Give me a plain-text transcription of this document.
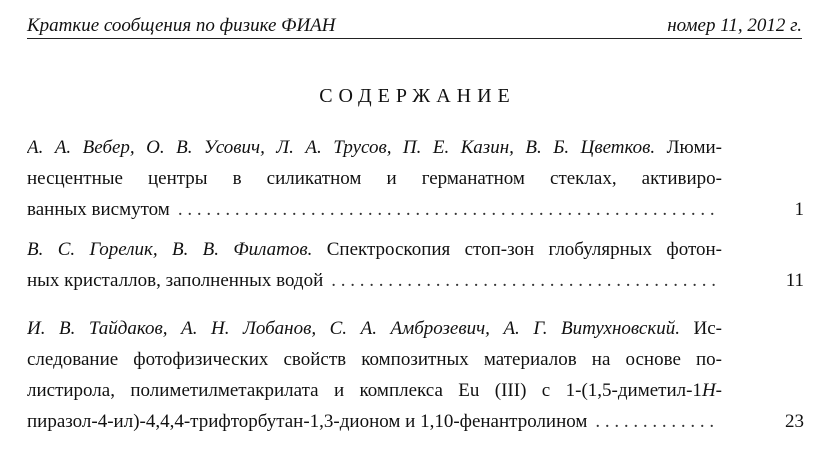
Краткие сообщения по физике ФИАН	номер 11, 2012 г.
СОДЕРЖАНИЕ
А. А. Вебер, О. В. Усович, Л. А. Трусов, П. Е. Казин, В. Б. Цветков. Люми-
несцентные центры в силикатном и германатном стеклах, активиро-
ванных висмутом . . .	1
В. С. Горелик, В. В. Филатов. Спектроскопия стоп-зон глобулярных фотон-
ных кристаллов, заполненных водой . . .	11
И. В. Тайдаков, А. Н. Лобанов, С. А. Амброзевич, А. Г. Витухновский. Ис-
следование фотофизических свойств композитных материалов на основе по-
листирола, полиметилметакрилата и комплекса Eu (III) с 1-(1,5-диметил-1H-
пиразол-4-ил)-4,4,4-трифторбутан-1,3-дионом и 1,10-фенантролином . . .	23
